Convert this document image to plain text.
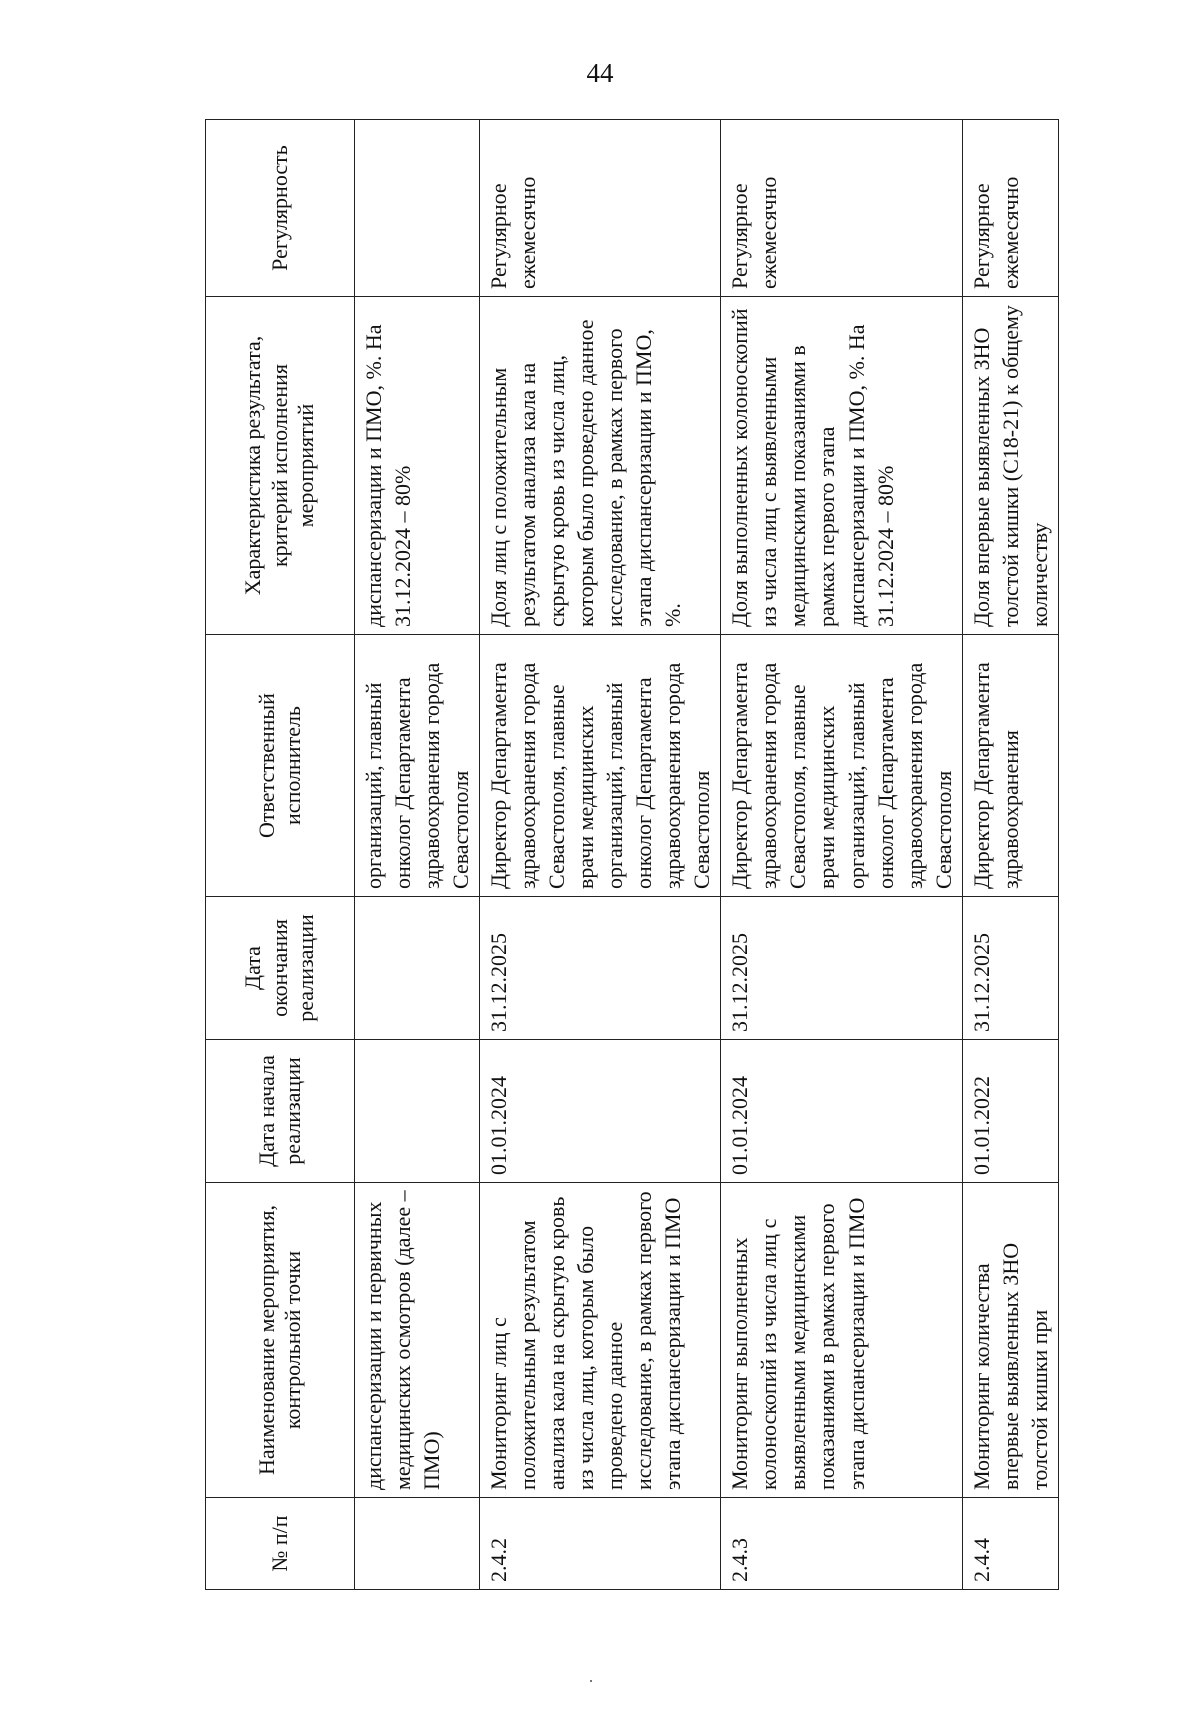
44
№ п/п	Наименование мероприятия, контрольной точки	Дата начала реализации	Дата окончания реализации	Ответственный исполнитель	Характеристика результата, критерий исполнения мероприятий	Регулярность
	диспансеризации и первичных медицинских осмотров (далее – ПМО)			организаций, главный онколог Департамента здравоохранения города Севастополя	диспансеризации и ПМО, %. На 31.12.2024 – 80%	
2.4.2	Мониторинг лиц с положительным результатом анализа кала на скрытую кровь из числа лиц, которым было проведено данное исследование, в рамках первого этапа диспансеризации и ПМО	01.01.2024	31.12.2025	Директор Департамента здравоохранения города Севастополя, главные врачи медицинских организаций, главный онколог Департамента здравоохранения города Севастополя	Доля лиц с положительным результатом анализа кала на скрытую кровь из числа лиц, которым было проведено данное исследование, в рамках первого этапа диспансеризации и ПМО, %.	Регулярное ежемесячно
2.4.3	Мониторинг выполненных колоноскопий из числа лиц с выявленными медицинскими показаниями в рамках первого этапа диспансеризации и ПМО	01.01.2024	31.12.2025	Директор Департамента здравоохранения города Севастополя, главные врачи медицинских организаций, главный онколог Департамента здравоохранения города Севастополя	Доля выполненных колоноскопий из числа лиц с выявленными медицинскими показаниями в рамках первого этапа диспансеризации и ПМО, %. На 31.12.2024 – 80%	Регулярное ежемесячно
2.4.4	Мониторинг количества впервые выявленных ЗНО толстой кишки при	01.01.2022	31.12.2025	Директор Департамента здравоохранения	Доля впервые выявленных ЗНО толстой кишки (С18-21) к общему количеству	Регулярное ежемесячно
